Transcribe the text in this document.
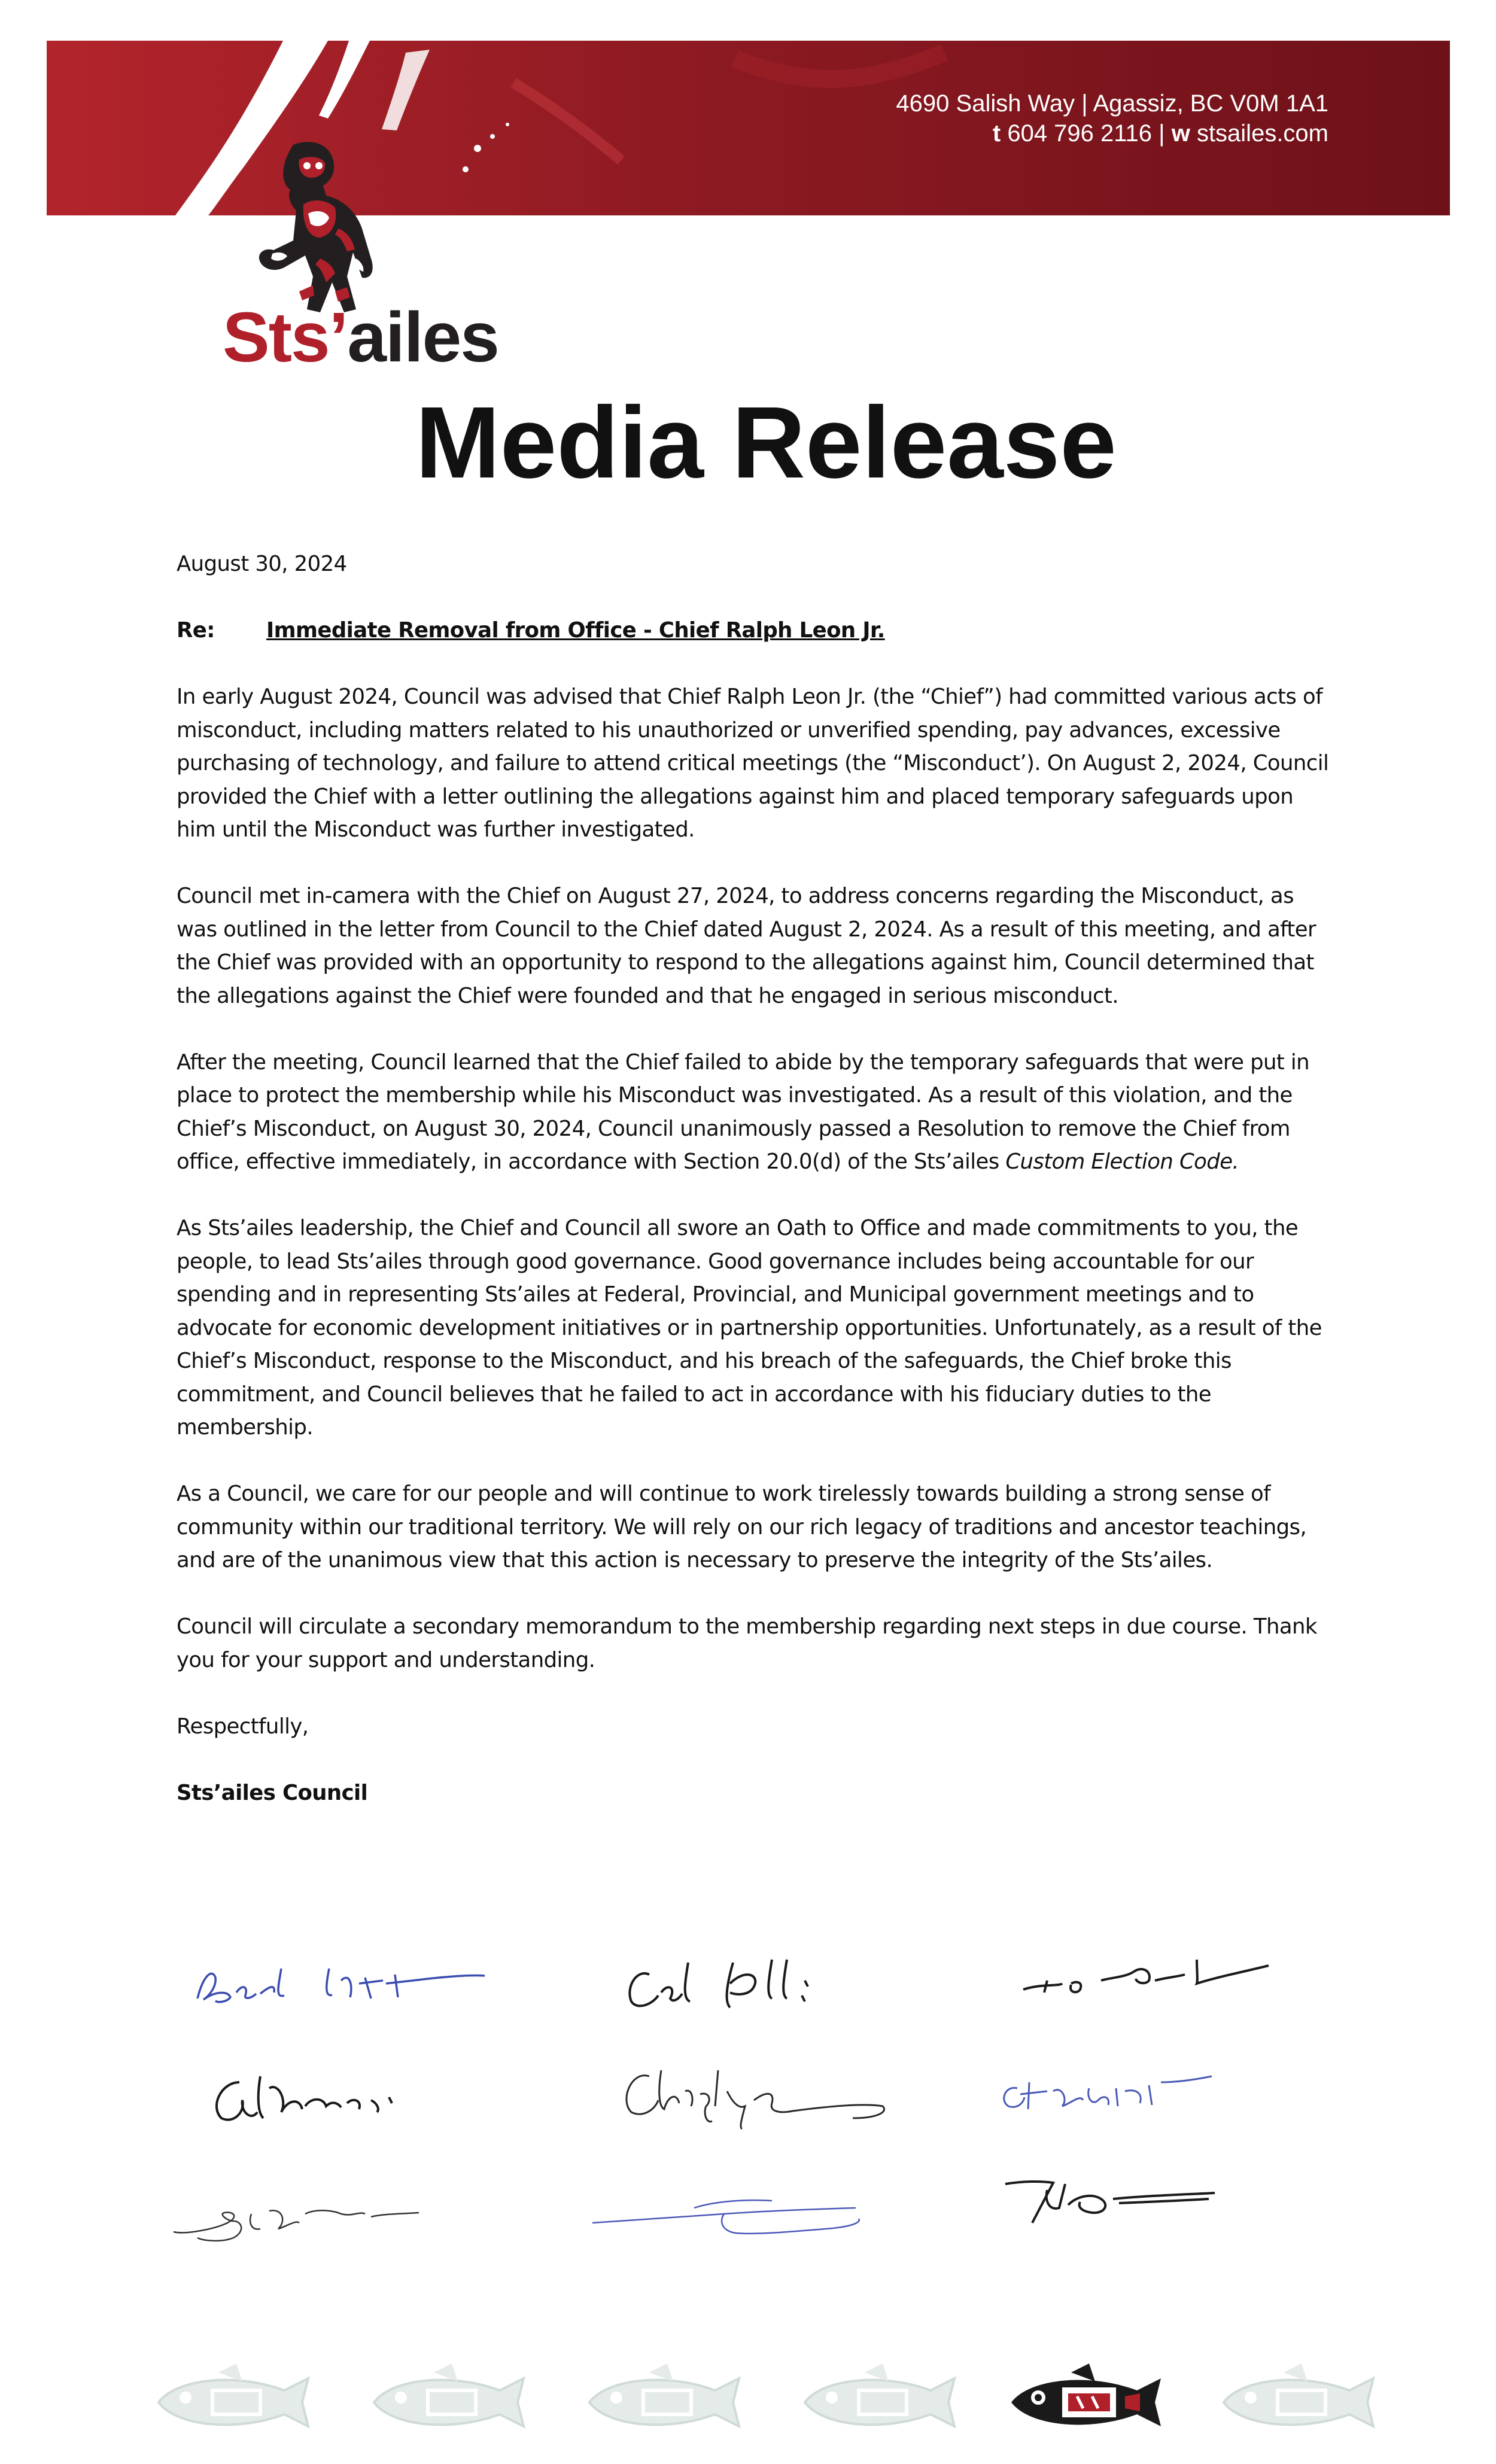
4690 Salish Way | Agassiz, BC V0M 1A1
t 604 796 2116 | w stsailes.com
Sts’ailes
Media Release

August 30, 2024

Re: Immediate Removal from Office - Chief Ralph Leon Jr.

In early August 2024, Council was advised that Chief Ralph Leon Jr. (the “Chief”) had committed various acts of misconduct, including matters related to his unauthorized or unverified spending, pay advances, excessive purchasing of technology, and failure to attend critical meetings (the “Misconduct’). On August 2, 2024, Council provided the Chief with a letter outlining the allegations against him and placed temporary safeguards upon him until the Misconduct was further investigated.

Council met in-camera with the Chief on August 27, 2024, to address concerns regarding the Misconduct, as was outlined in the letter from Council to the Chief dated August 2, 2024. As a result of this meeting, and after the Chief was provided with an opportunity to respond to the allegations against him, Council determined that the allegations against the Chief were founded and that he engaged in serious misconduct.

After the meeting, Council learned that the Chief failed to abide by the temporary safeguards that were put in place to protect the membership while his Misconduct was investigated. As a result of this violation, and the Chief’s Misconduct, on August 30, 2024, Council unanimously passed a Resolution to remove the Chief from office, effective immediately, in accordance with Section 20.0(d) of the Sts’ailes Custom Election Code.

As Sts’ailes leadership, the Chief and Council all swore an Oath to Office and made commitments to you, the people, to lead Sts’ailes through good governance. Good governance includes being accountable for our spending and in representing Sts’ailes at Federal, Provincial, and Municipal government meetings and to advocate for economic development initiatives or in partnership opportunities. Unfortunately, as a result of the Chief’s Misconduct, response to the Misconduct, and his breach of the safeguards, the Chief broke this commitment, and Council believes that he failed to act in accordance with his fiduciary duties to the membership.

As a Council, we care for our people and will continue to work tirelessly towards building a strong sense of community within our traditional territory. We will rely on our rich legacy of traditions and ancestor teachings, and are of the unanimous view that this action is necessary to preserve the integrity of the Sts’ailes.

Council will circulate a secondary memorandum to the membership regarding next steps in due course. Thank you for your support and understanding.

Respectfully,

Sts’ailes Council
